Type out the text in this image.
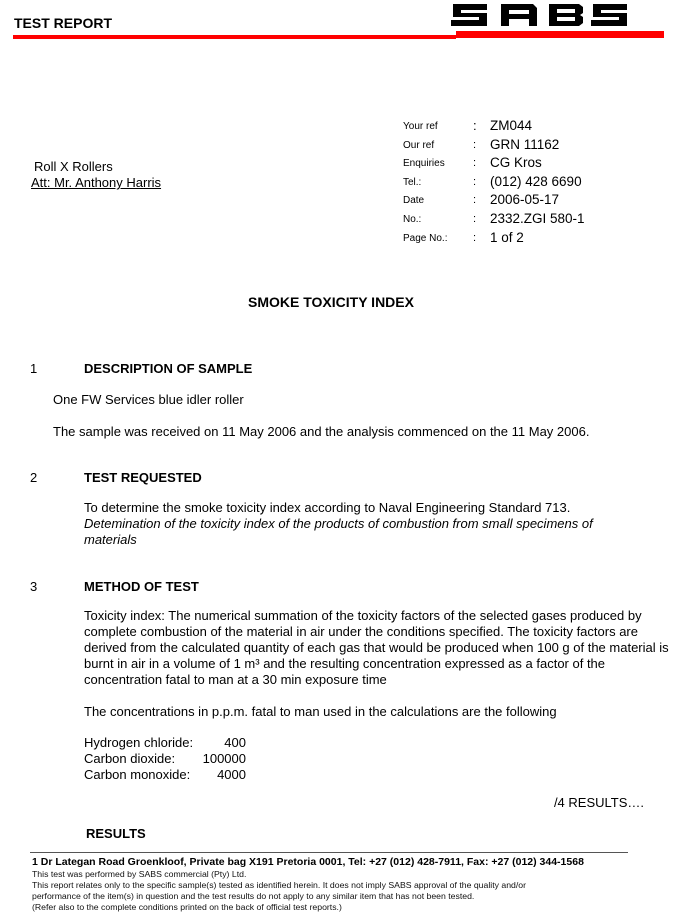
TEST REPORT
Your ref	: ZM044
Our ref	: GRN 11162
Enquiries	: CG Kros
Tel.:	: (012) 428 6690
Date	: 2006-05-17
No.:	: 2332.ZGI 580-1
Page No.:	: 1 of 2
Roll X Rollers
Att: Mr. Anthony Harris
SMOKE TOXICITY INDEX
1	DESCRIPTION OF SAMPLE
One FW Services blue idler roller
The sample was received on 11 May 2006 and the analysis commenced on the 11 May 2006.
2	TEST REQUESTED
To determine the smoke toxicity index according to Naval Engineering Standard 713.
Detemination of the toxicity index of the products of combustion from small specimens of materials
3	METHOD OF TEST
Toxicity index: The numerical summation of the toxicity factors of the selected gases produced by complete combustion of the material in air under the conditions specified. The toxicity factors are derived from the calculated quantity of each gas that would be produced when 100 g of the material is burnt in air in a volume of 1 m³ and the resulting concentration expressed as a factor of the concentration fatal to man at a 30 min exposure time
The concentrations in p.p.m. fatal to man used in the calculations are the following
Hydrogen chloride: 400
Carbon dioxide: 100000
Carbon monoxide: 4000
/4 RESULTS….
RESULTS
1 Dr Lategan Road Groenkloof, Private bag X191 Pretoria 0001, Tel: +27 (012) 428-7911, Fax: +27 (012) 344-1568
This test was performed by SABS commercial (Pty) Ltd.
This report relates only to the specific sample(s) tested as identified herein. It does not imply SABS approval of the quality and/or
performance of the item(s) in question and the test results do not apply to any similar item that has not been tested.
(Refer also to the complete conditions printed on the back of official test reports.)
